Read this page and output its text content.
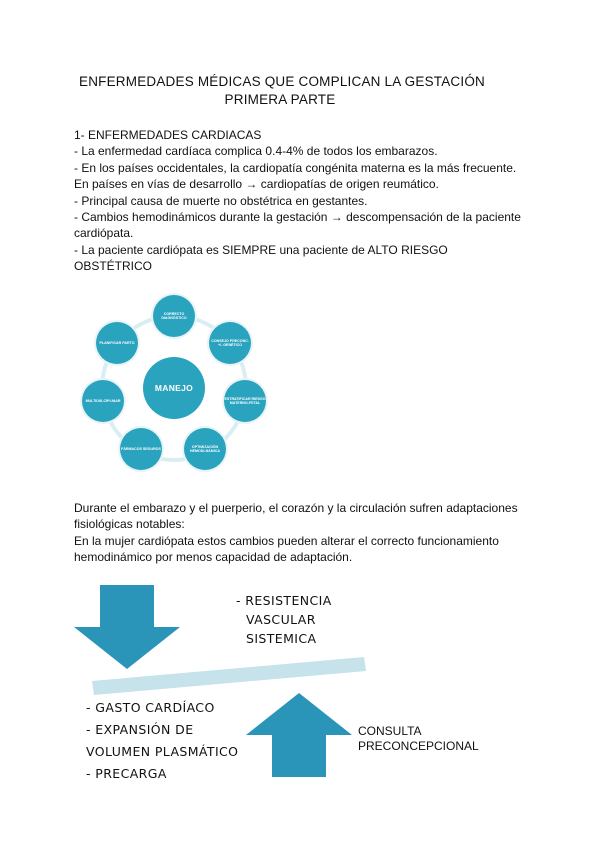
ENFERMEDADES MÉDICAS QUE COMPLICAN LA GESTACIÓN
PRIMERA PARTE
1- ENFERMEDADES CARDIACAS
- La enfermedad cardíaca complica 0.4-4% de todos los embarazos.
- En los países occidentales, la cardiopatía congénita materna es la más frecuente.
En países en vías de desarrollo → cardiopatías de origen reumático.
- Principal causa de muerte no obstétrica en gestantes.
- Cambios hemodinámicos durante la gestación → descompensación de la paciente
cardiópata.
- La paciente cardiópata es SIEMPRE una paciente de ALTO RIESGO
OBSTÉTRICO
MANEJO
CORRECTO DIAGNÓSTICO
CONSEJO PRECONC. +/- GENÉTICO
ESTRATIFICAR RIESGO MATERNO-FETAL
OPTIMIZACIÓN HEMODI-NÁMICA
FÁRMACOS SEGUROS
MULTIDIS-CIPLINAR
PLANIFICAR PARTO
Durante el embarazo y el puerperio, el corazón y la circulación sufren adaptaciones
fisiológicas notables:
En la mujer cardiópata estos cambios pueden alterar el correcto funcionamiento
hemodinámico por menos capacidad de adaptación.
- RESISTENCIA
VASCULAR
SISTEMICA
- GASTO CARDÍACO
- EXPANSIÓN DE
VOLUMEN PLASMÁTICO
- PRECARGA
CONSULTA
PRECONCEPCIONAL
